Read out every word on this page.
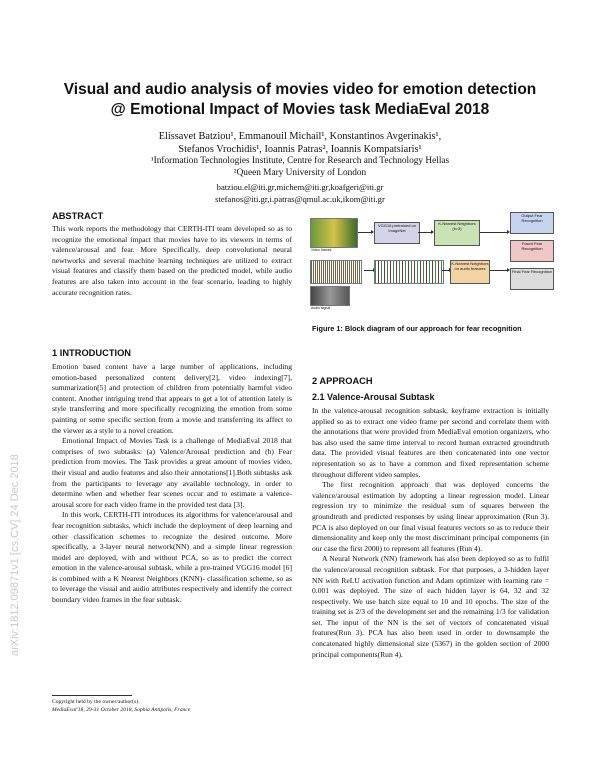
arXiv:1812.09871v1 [cs.CV] 24 Dec 2018
Visual and audio analysis of movies video for emotion detection
@ Emotional Impact of Movies task MediaEval 2018
Elissavet Batziou¹, Emmanouil Michail¹, Konstantinos Avgerinakis¹,
Stefanos Vrochidis¹, Ioannis Patras², Ioannis Kompatsiaris¹
¹Information Technologies Institute, Centre for Research and Technology Hellas
²Queen Mary University of London
batziou.el@iti.gr,michem@iti.gr,koafgeri@iti.gr
stefanos@iti.gr,i.patras@qmul.ac.uk,ikom@iti.gr
ABSTRACT

This work reports the methodology that CERTH-ITI team developed so as to recognize the emotional impact that movies have to its viewers in terms of valence/arousal and fear. More Specifically, deep convolutional neural newtworks and several machine learning techniques are utilized to extract visual features and classify them based on the predicted model, while audio features are also taken into account in the fear scenario, leading to highly accurate recognition rates.

1 INTRODUCTION

Emotion based content have a large number of applications, including emotion-based personalized content delivery[2], video indexing[7], summarization[5] and protection of children from potentially harmful video content. Another intriguing trend that appears to get a lot of attention lately is style transferring and more specifically recognizing the emotion from some painting or some specific section from a movie and transferring its affect to the viewer as a style to a novel creation.

Emotional Impact of Movies Task is a challenge of MediaEval 2018 that comprises of two subtasks: (a) Valence/Arousal prediction and (b) Fear prediction from movies. The Task provides a great amount of movies video, their visual and audio features and also their annotations[1].Both subtasks ask from the participants to leverage any available technology, in order to determine when and whether fear scenes occur and to estimate a valence-arousal score for each video frame in the provided test data [3].

In this work, CERTH-ITI introduces its algorithms for valence/arousal and fear recognition subtasks, which include the deployment of deep learning and other classification schemes to recognize the desired outcome. More specifically, a 3-layer neural network(NN) and a simple linear regression model are deployed, with and without PCA, so as to predict the correct emotion in the valence-arousal subtask, while a pre-trained VGG16 model [6] is combined with a K Nearest Neighbors (KNN)- classification scheme, so as to leverage the visual and audio attributes respectively and identify the correct boundary video frames in the fear subtask.

Copyright held by the owner/author(s).
MediaEval'18, 29-31 October 2018, Sophia Antipolis, France
Video frames
Audio signal
VGG16 pretrained on ImageNet
K-Nearest Neighbors (k=3)
K-Nearest Neighbors on audio features
Output Fear Recognition
Fused Fear Recognition
Final Fear Recognition
Figure 1: Block diagram of our approach for fear recognition
2 APPROACH
2.1 Valence-Arousal Subtask

In the valence-arousal recognition subtask, keyframe extraction is initially applied so as to extract one video frame per second and correlate them with the annotations that were provided from MediaEval emotion organizers, who has also used the same time interval to record human extracted groundtruth data. The provided visual features are then concatenated into one vector representation so as to have a common and fixed representation scheme throughout different video samples.

The first recognition approach that was deployed concerns the valence/arousal estimation by adopting a linear regression model. Linear regression try to minimize the residual sum of squares between the groundtruth and predicted responses by using linear approximation (Run 3). PCA is also deployed on our final visual features vectors so as to reduce their dimensionality and keep only the most discriminant principal components (in our case the first 2000) to represent all features (Run 4).

A Neural Network (NN) framework has also been deployed so as to fulfil the valence/arousal recognition subtask. For that purposes, a 3-hidden layer NN with ReLU activation function and Adam optimizer with learning rate = 0.001 was deployed. The size of each hidden layer is 64, 32 and 32 respectively. We use batch size equal to 10 and 10 epochs. The size of the training set is 2/3 of the development set and the remaining 1/3 for validation set. The input of the NN is the set of vectors of concatenated visual features(Run 3). PCA has also been used in order to downsample the concatenated highly dimensional size (5367) in the golden section of 2000 principal components(Run 4).
